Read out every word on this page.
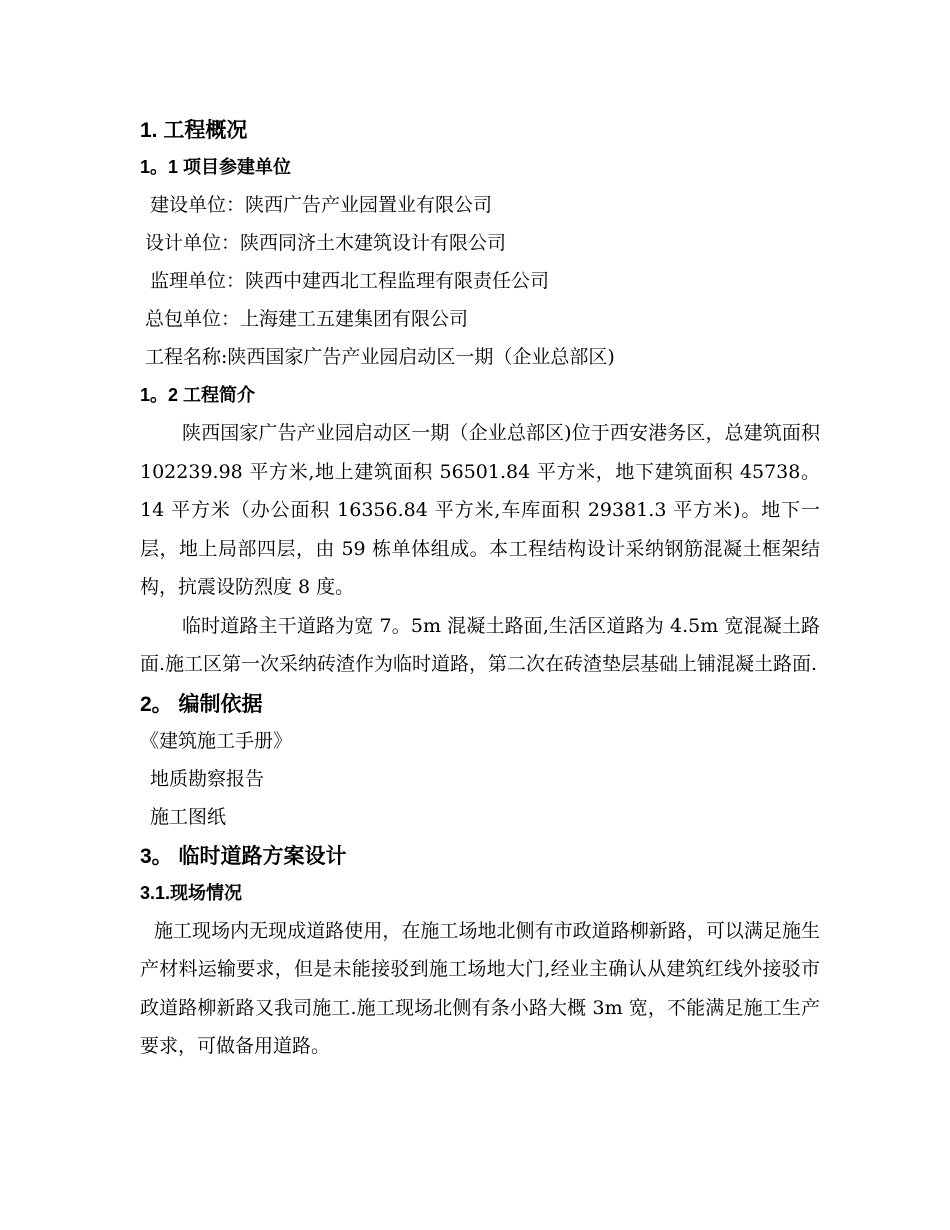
1. 工程概况
1。1 项目参建单位
建设单位：陕西广告产业园置业有限公司
设计单位：陕西同济土木建筑设计有限公司
监理单位：陕西中建西北工程监理有限责任公司
总包单位：上海建工五建集团有限公司
工程名称:陕西国家广告产业园启动区一期（企业总部区)
1。2 工程简介

陕西国家广告产业园启动区一期（企业总部区)位于西安港务区，总建筑面积 102239.98 平方米,地上建筑面积 56501.84 平方米，地下建筑面积 45738。14 平方米（办公面积 16356.84 平方米,车库面积 29381.3 平方米)。地下一层，地上局部四层，由 59 栋单体组成。本工程结构设计采纳钢筋混凝土框架结构，抗震设防烈度 8 度。

临时道路主干道路为宽 7。5m 混凝土路面,生活区道路为 4.5m 宽混凝土路面.施工区第一次采纳砖渣作为临时道路，第二次在砖渣垫层基础上铺混凝土路面.

2。 编制依据
《建筑施工手册》
地质勘察报告
施工图纸
3。 临时道路方案设计
3.1.现场情况

施工现场内无现成道路使用，在施工场地北侧有市政道路柳新路，可以满足施生产材料运输要求，但是未能接驳到施工场地大门,经业主确认从建筑红线外接驳市政道路柳新路又我司施工.施工现场北侧有条小路大概 3m 宽，不能满足施工生产要求，可做备用道路。
